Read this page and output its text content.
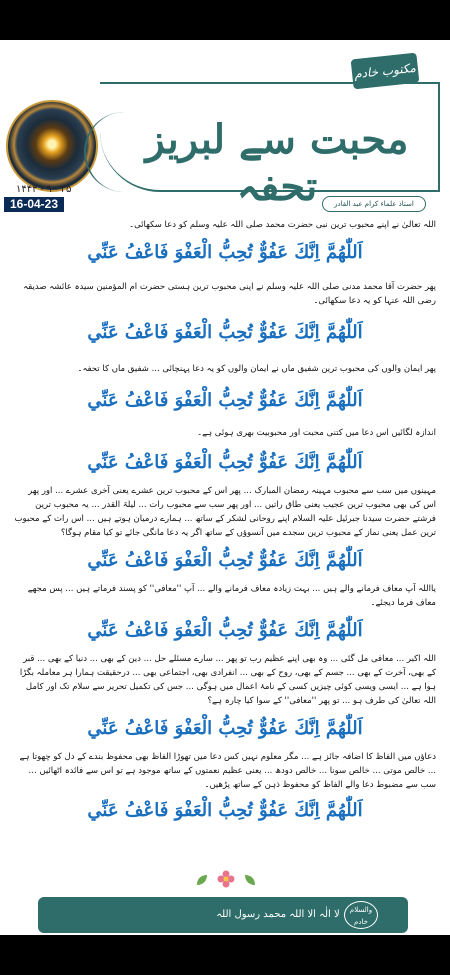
مکتوب خادم
محبت سے لبریز تحفہ	استاذ علماء کرام عبد القادر
۱۴۴۳ - ۹ - ۲۵
16-04-23

اللہ تعالیٰ نے اپنے محبوب ترین نبی حضرت محمد صلی اللہ علیہ وسلم کو دعا سکھائی۔

اَللّٰهُمَّ اِنَّكَ عَفُوٌّ تُحِبُّ الْعَفْوَ فَاعْفُ عَنِّي

پھر حضرت آقا محمد مدنی صلی اللہ علیہ وسلم نے اپنی محبوب ترین ہستی حضرت ام المؤمنین سیدہ عائشہ صدیقہ رضی اللہ عنہا کو یہ دعا سکھائی۔

اَللّٰهُمَّ اِنَّكَ عَفُوٌّ تُحِبُّ الْعَفْوَ فَاعْفُ عَنِّي

پھر ایمان والوں کی محبوب ترین شفیق ماں نے ایمان والوں کو یہ دعا پہنچائی ... شفیق ماں کا تحفہ۔

اَللّٰهُمَّ اِنَّكَ عَفُوٌّ تُحِبُّ الْعَفْوَ فَاعْفُ عَنِّي

اندازہ لگائیں اس دعا میں کتنی محبت اور محبوبیت بھری ہوئی ہے۔

اَللّٰهُمَّ اِنَّكَ عَفُوٌّ تُحِبُّ الْعَفْوَ فَاعْفُ عَنِّي

مہینوں میں سب سے محبوب مہینہ رمضان المبارک ... پھر اس کے محبوب ترین عشرے یعنی آخری عشرے ... اور پھر اس کی بھی محبوب ترین عجیب یعنی طاق راتیں ... اور پھر سب سے محبوب رات ... لیلۃ القدر ... یہ محبوب ترین فرشتے حضرت سیدنا جبرئیل علیہ السلام اپنے روحانی لشکر کے ساتھ ... ہمارے درمیان ہوتے ہیں ... اس رات کے محبوب ترین عمل یعنی نماز کے محبوب ترین سجدے میں آنسوؤں کے ساتھ اگر یہ دعا مانگی جائے تو کیا مقام ہوگا؟

اَللّٰهُمَّ اِنَّكَ عَفُوٌّ تُحِبُّ الْعَفْوَ فَاعْفُ عَنِّي

یااللہ آپ معاف فرمانے والے ہیں ... بہت زیادہ معاف فرمانے والے ... آپ ''معافی'' کو پسند فرماتے ہیں ... پس مجھے معاف فرما دیجئے۔

اَللّٰهُمَّ اِنَّكَ عَفُوٌّ تُحِبُّ الْعَفْوَ فَاعْفُ عَنِّي

اللہ اکبر ... معافی مل گئی ... وہ بھی اپنے عظیم رب تو پھر ... سارے مسئلے حل ... دین کے بھی ... دنیا کے بھی ... قبر کے بھی، آخرت کے بھی ... جسم کے بھی، روح کے بھی ... انفرادی بھی، اجتماعی بھی ... درحقیقت ہمارا ہر معاملہ بگڑا ہوا ہے ... ایسی ویسی کوئی چیزیں کسی کے نامۂ اعمال میں ہوگی ... جس کی تکمیل تحریر سے سلام تک اور کامل اللہ تعالیٰ کی طرف ہو ... تو پھر ''معافی'' کے سوا کیا چارہ ہے؟

اَللّٰهُمَّ اِنَّكَ عَفُوٌّ تُحِبُّ الْعَفْوَ فَاعْفُ عَنِّي

دعاؤں میں الفاظ کا اضافہ جائز ہے ... مگر معلوم نہیں کس دعا میں تھوڑا الفاظ بھی محفوظ بندے کے دل کو چھوتا ہے ... خالص موتی ... خالص سونا ... خالص دودھ ... یعنی عظیم نعمتوں کے ساتھ موجود ہے تو اس سے فائدہ اٹھائیں ... سب سے مضبوط دعا والے الفاظ کو محفوظ ذہن کے ساتھ پڑھیں۔

اَللّٰهُمَّ اِنَّكَ عَفُوٌّ تُحِبُّ الْعَفْوَ فَاعْفُ عَنِّي
لا الٰہ الا اللہ محمد رسول اللہ	والسلام خادم
